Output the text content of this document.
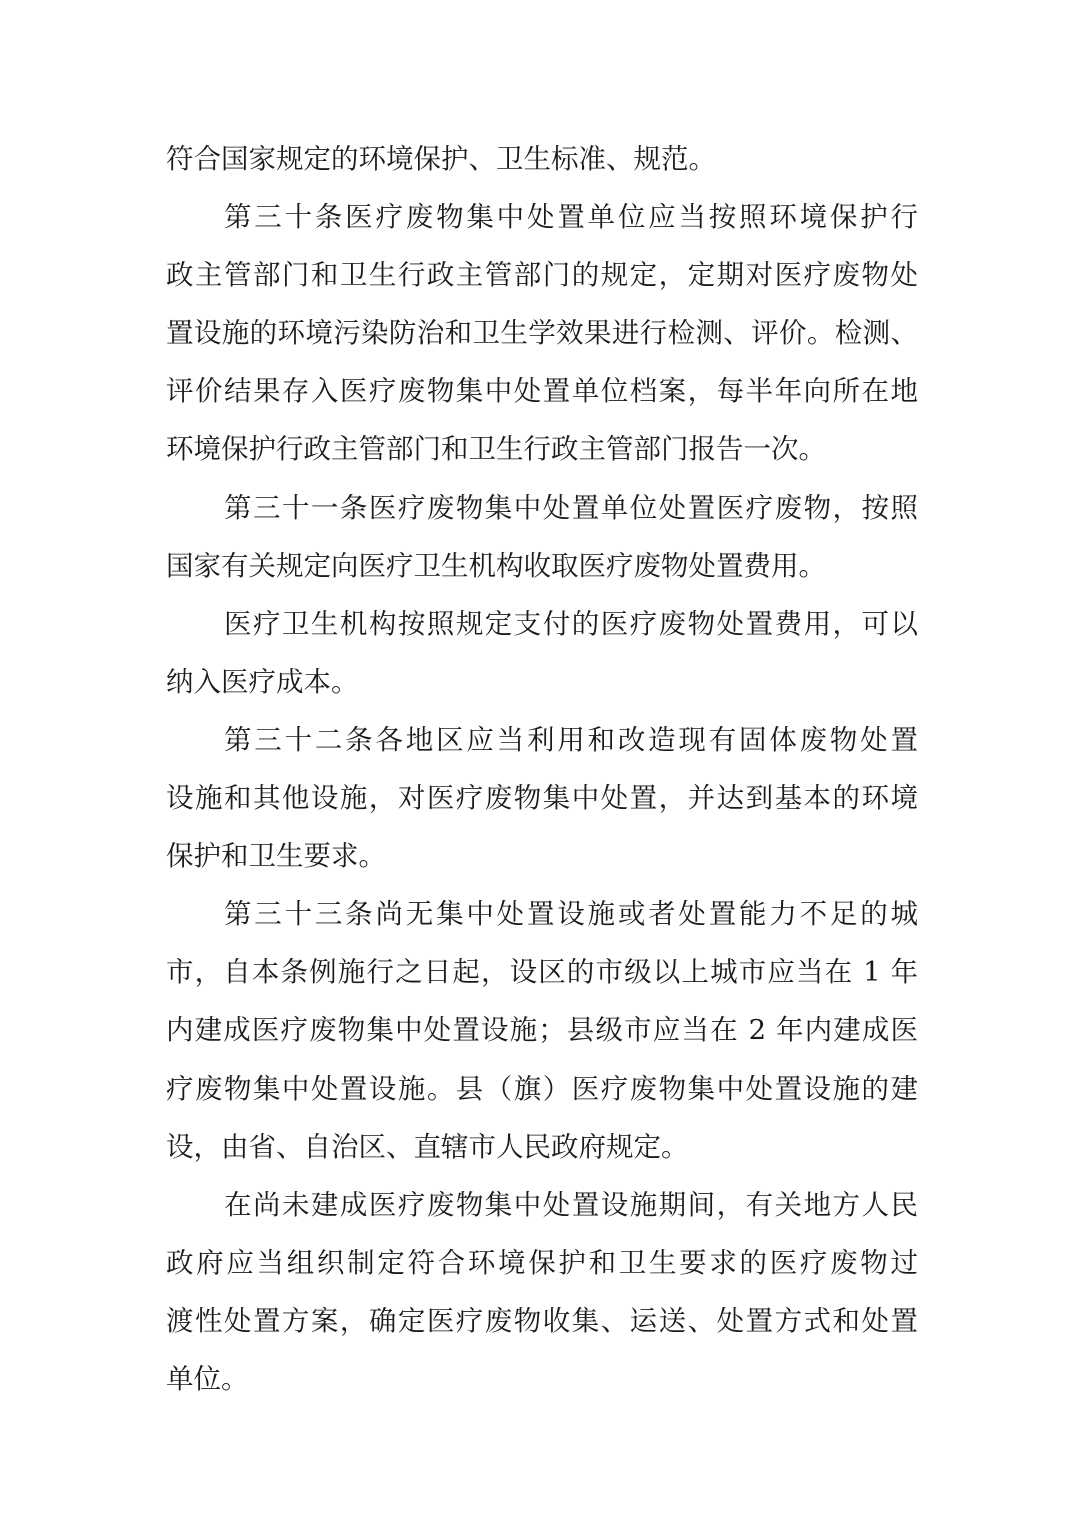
符合国家规定的环境保护、卫生标准、规范。
第三十条医疗废物集中处置单位应当按照环境保护行
政主管部门和卫生行政主管部门的规定，定期对医疗废物处
置设施的环境污染防治和卫生学效果进行检测、评价。检测、
评价结果存入医疗废物集中处置单位档案，每半年向所在地
环境保护行政主管部门和卫生行政主管部门报告一次。
第三十一条医疗废物集中处置单位处置医疗废物，按照
国家有关规定向医疗卫生机构收取医疗废物处置费用。
医疗卫生机构按照规定支付的医疗废物处置费用，可以
纳入医疗成本。
第三十二条各地区应当利用和改造现有固体废物处置
设施和其他设施，对医疗废物集中处置，并达到基本的环境
保护和卫生要求。
第三十三条尚无集中处置设施或者处置能力不足的城
市，自本条例施行之日起，设区的市级以上城市应当在 1 年
内建成医疗废物集中处置设施；县级市应当在 2 年内建成医
疗废物集中处置设施。县（旗）医疗废物集中处置设施的建
设，由省、自治区、直辖市人民政府规定。
在尚未建成医疗废物集中处置设施期间，有关地方人民
政府应当组织制定符合环境保护和卫生要求的医疗废物过
渡性处置方案，确定医疗废物收集、运送、处置方式和处置
单位。
